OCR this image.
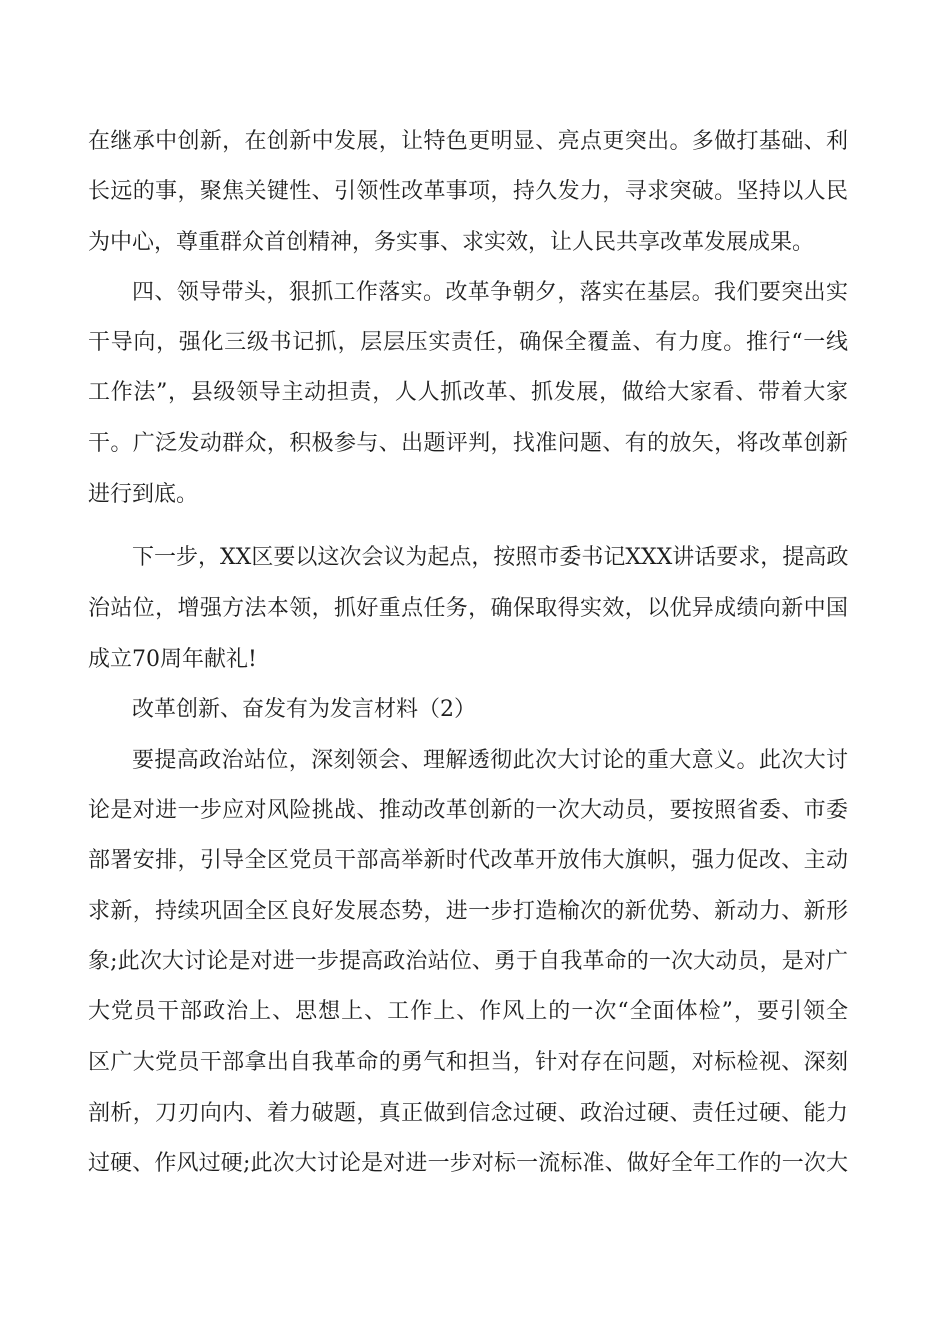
在继承中创新，在创新中发展，让特色更明显、亮点更突出。多做打基础、利
长远的事，聚焦关键性、引领性改革事项，持久发力，寻求突破。坚持以人民
为中心，尊重群众首创精神，务实事、求实效，让人民共享改革发展成果。
四、领导带头，狠抓工作落实。改革争朝夕，落实在基层。我们要突出实
干导向，强化三级书记抓，层层压实责任，确保全覆盖、有力度。推行“一线
工作法”，县级领导主动担责，人人抓改革、抓发展，做给大家看、带着大家
干。广泛发动群众，积极参与、出题评判，找准问题、有的放矢，将改革创新
进行到底。
下一步，XX区要以这次会议为起点，按照市委书记XXX讲话要求，提高政
治站位，增强方法本领，抓好重点任务，确保取得实效，以优异成绩向新中国
成立70周年献礼!
改革创新、奋发有为发言材料（2）
要提高政治站位，深刻领会、理解透彻此次大讨论的重大意义。此次大讨
论是对进一步应对风险挑战、推动改革创新的一次大动员，要按照省委、市委
部署安排，引导全区党员干部高举新时代改革开放伟大旗帜，强力促改、主动
求新，持续巩固全区良好发展态势，进一步打造榆次的新优势、新动力、新形
象;此次大讨论是对进一步提高政治站位、勇于自我革命的一次大动员，是对广
大党员干部政治上、思想上、工作上、作风上的一次“全面体检”，要引领全
区广大党员干部拿出自我革命的勇气和担当，针对存在问题，对标检视、深刻
剖析，刀刃向内、着力破题，真正做到信念过硬、政治过硬、责任过硬、能力
过硬、作风过硬;此次大讨论是对进一步对标一流标准、做好全年工作的一次大
